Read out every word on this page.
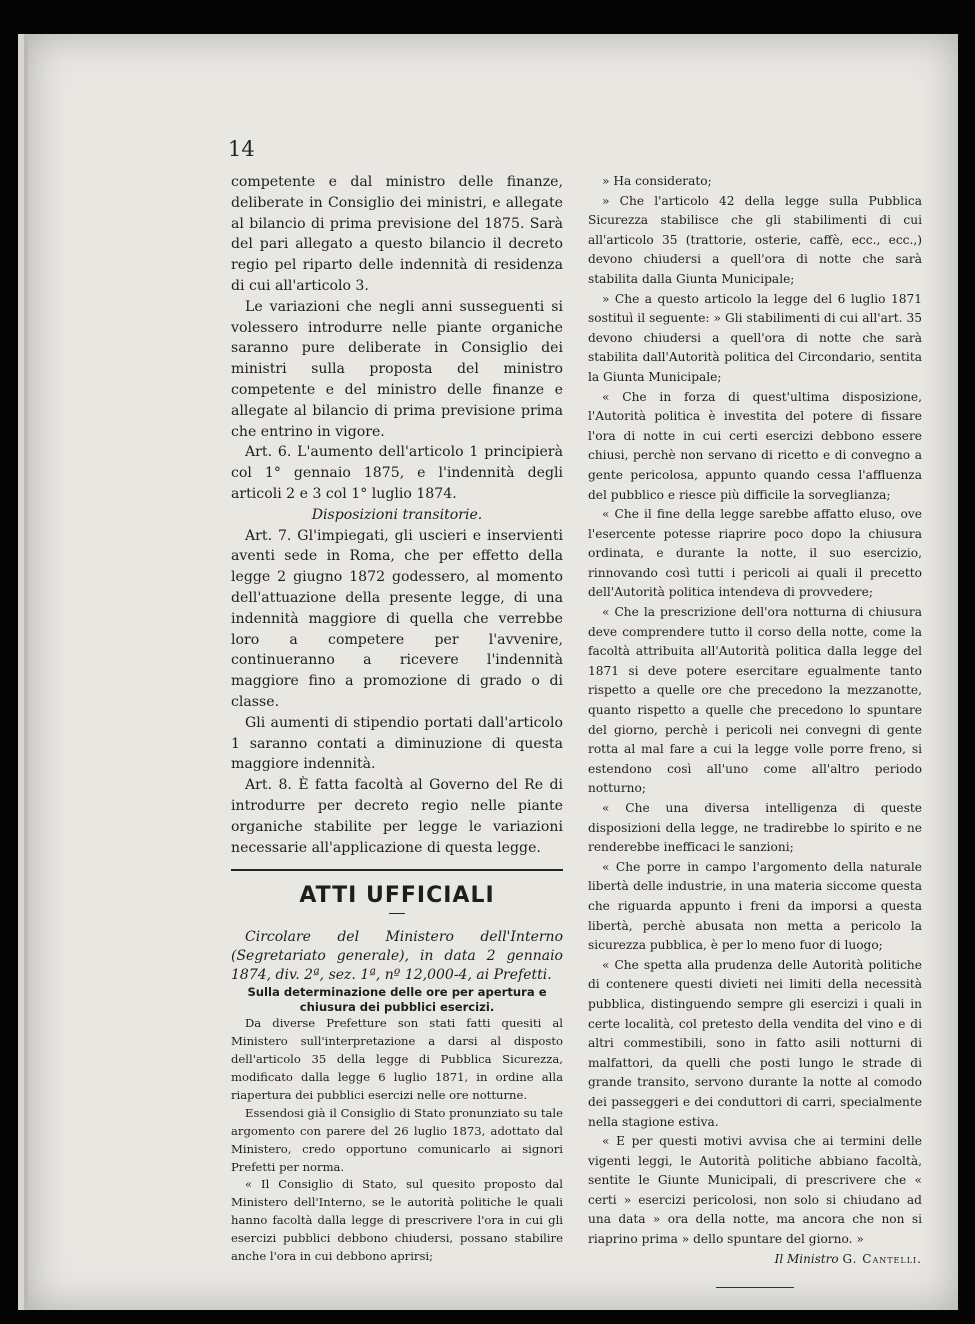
14

competente e dal ministro delle finanze, deliberate in Consiglio dei ministri, e allegate al bilancio di prima previsione del 1875. Sarà del pari allegato a questo bilancio il decreto regio pel riparto delle indennità di residenza di cui all'articolo 3.

Le variazioni che negli anni susseguenti si volessero introdurre nelle piante organiche saranno pure deliberate in Consiglio dei ministri sulla proposta del ministro competente e del ministro delle finanze e allegate al bilancio di prima previsione prima che entrino in vigore.

Art. 6. L'aumento dell'articolo 1 principierà col 1° gennaio 1875, e l'indennità degli articoli 2 e 3 col 1° luglio 1874.

Disposizioni transitorie.

Art. 7. Gl'impiegati, gli uscieri e inservienti aventi sede in Roma, che per effetto della legge 2 giugno 1872 godessero, al momento dell'attuazione della presente legge, di una indennità maggiore di quella che verrebbe loro a competere per l'avvenire, continueranno a ricevere l'indennità maggiore fino a promozione di grado o di classe.

Gli aumenti di stipendio portati dall'articolo 1 saranno contati a diminuzione di questa maggiore indennità.

Art. 8. È fatta facoltà al Governo del Re di introdurre per decreto regio nelle piante organiche stabilite per legge le variazioni necessarie all'applicazione di questa legge.

ATTI UFFICIALI

Circolare del Ministero dell'Interno (Segretariato generale), in data 2 gennaio 1874, div. 2ª, sez. 1ª, nº 12,000-4, ai Prefetti.

Sulla determinazione delle ore per apertura e chiusura dei pubblici esercizi.

Da diverse Prefetture son stati fatti quesiti al Ministero sull'interpretazione a darsi al disposto dell'articolo 35 della legge di Pubblica Sicurezza, modificato dalla legge 6 luglio 1871, in ordine alla riapertura dei pubblici esercizi nelle ore notturne.

Essendosi già il Consiglio di Stato pronunziato su tale argomento con parere del 26 luglio 1873, adottato dal Ministero, credo opportuno comunicarlo ai signori Prefetti per norma.

« Il Consiglio di Stato, sul quesito proposto dal Ministero dell'Interno, se le autorità politiche le quali hanno facoltà dalla legge di prescrivere l'ora in cui gli esercizi pubblici debbono chiudersi, possano stabilire anche l'ora in cui debbono aprirsi;

» Ha considerato;

» Che l'articolo 42 della legge sulla Pubblica Sicurezza stabilisce che gli stabilimenti di cui all'articolo 35 (trattorie, osterie, caffè, ecc., ecc.,) devono chiudersi a quell'ora di notte che sarà stabilita dalla Giunta Municipale;

» Che a questo articolo la legge del 6 luglio 1871 sostituì il seguente: » Gli stabilimenti di cui all'art. 35 devono chiudersi a quell'ora di notte che sarà stabilita dall'Autorità politica del Circondario, sentita la Giunta Municipale;

« Che in forza di quest'ultima disposizione, l'Autorità politica è investita del potere di fissare l'ora di notte in cui certi esercizi debbono essere chiusi, perchè non servano di ricetto e di convegno a gente pericolosa, appunto quando cessa l'affluenza del pubblico e riesce più difficile la sorveglianza;

« Che il fine della legge sarebbe affatto eluso, ove l'esercente potesse riaprire poco dopo la chiusura ordinata, e durante la notte, il suo esercizio, rinnovando così tutti i pericoli ai quali il precetto dell'Autorità politica intendeva di provvedere;

« Che la prescrizione dell'ora notturna di chiusura deve comprendere tutto il corso della notte, come la facoltà attribuita all'Autorità politica dalla legge del 1871 si deve potere esercitare egualmente tanto rispetto a quelle ore che precedono la mezzanotte, quanto rispetto a quelle che precedono lo spuntare del giorno, perchè i pericoli nei convegni di gente rotta al mal fare a cui la legge volle porre freno, si estendono così all'uno come all'altro periodo notturno;

« Che una diversa intelligenza di queste disposizioni della legge, ne tradirebbe lo spirito e ne renderebbe inefficaci le sanzioni;

« Che porre in campo l'argomento della naturale libertà delle industrie, in una materia siccome questa che riguarda appunto i freni da imporsi a questa libertà, perchè abusata non metta a pericolo la sicurezza pubblica, è per lo meno fuor di luogo;

« Che spetta alla prudenza delle Autorità politiche di contenere questi divieti nei limiti della necessità pubblica, distinguendo sempre gli esercizi i quali in certe località, col pretesto della vendita del vino e di altri commestibili, sono in fatto asili notturni di malfattori, da quelli che posti lungo le strade di grande transito, servono durante la notte al comodo dei passeggeri e dei conduttori di carri, specialmente nella stagione estiva.

« E per questi motivi avvisa che ai termini delle vigenti leggi, le Autorità politiche abbiano facoltà, sentite le Giunte Municipali, di prescrivere che « certi » esercizi pericolosi, non solo si chiudano ad una data » ora della notte, ma ancora che non si riaprino prima » dello spuntare del giorno. »

Il Ministro G. Cantelli.
